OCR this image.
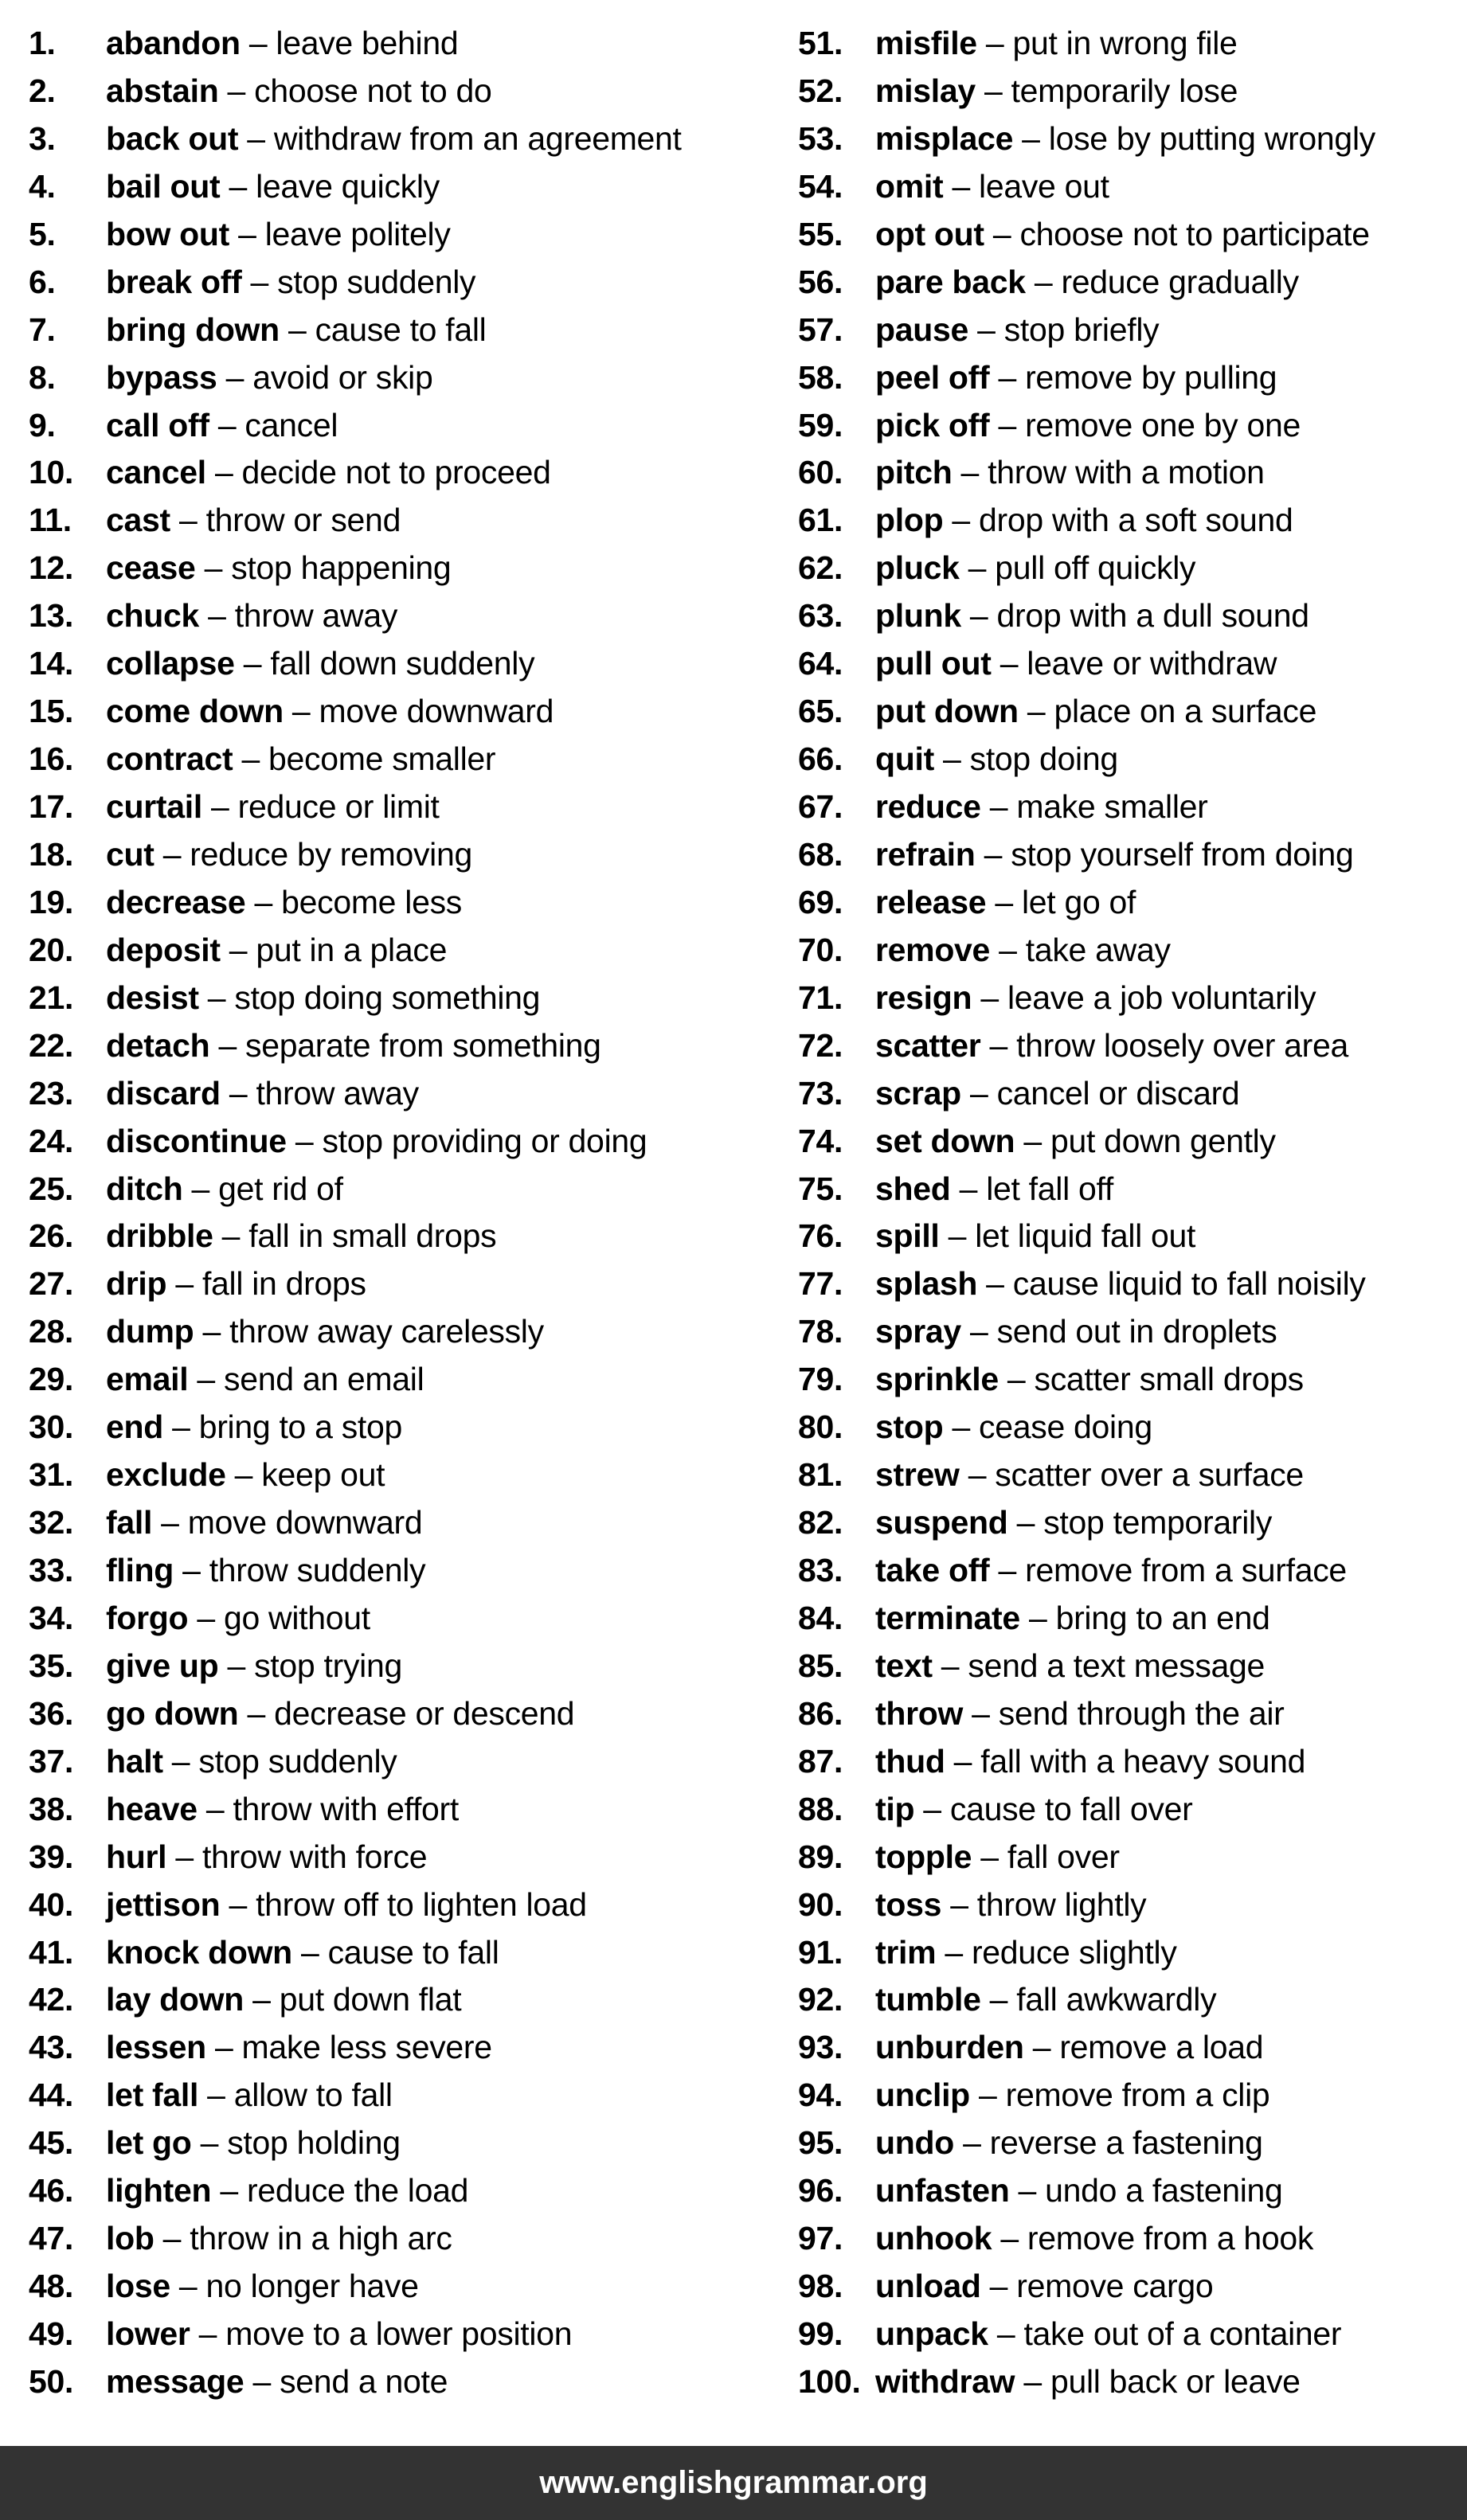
1. abandon – leave behind
2. abstain – choose not to do
3. back out – withdraw from an agreement
4. bail out – leave quickly
5. bow out – leave politely
6. break off – stop suddenly
7. bring down – cause to fall
8. bypass – avoid or skip
9. call off – cancel
10. cancel – decide not to proceed
11. cast – throw or send
12. cease – stop happening
13. chuck – throw away
14. collapse – fall down suddenly
15. come down – move downward
16. contract – become smaller
17. curtail – reduce or limit
18. cut – reduce by removing
19. decrease – become less
20. deposit – put in a place
21. desist – stop doing something
22. detach – separate from something
23. discard – throw away
24. discontinue – stop providing or doing
25. ditch – get rid of
26. dribble – fall in small drops
27. drip – fall in drops
28. dump – throw away carelessly
29. email – send an email
30. end – bring to a stop
31. exclude – keep out
32. fall – move downward
33. fling – throw suddenly
34. forgo – go without
35. give up – stop trying
36. go down – decrease or descend
37. halt – stop suddenly
38. heave – throw with effort
39. hurl – throw with force
40. jettison – throw off to lighten load
41. knock down – cause to fall
42. lay down – put down flat
43. lessen – make less severe
44. let fall – allow to fall
45. let go – stop holding
46. lighten – reduce the load
47. lob – throw in a high arc
48. lose – no longer have
49. lower – move to a lower position
50. message – send a note
51. misfile – put in wrong file
52. mislay – temporarily lose
53. misplace – lose by putting wrongly
54. omit – leave out
55. opt out – choose not to participate
56. pare back – reduce gradually
57. pause – stop briefly
58. peel off – remove by pulling
59. pick off – remove one by one
60. pitch – throw with a motion
61. plop – drop with a soft sound
62. pluck – pull off quickly
63. plunk – drop with a dull sound
64. pull out – leave or withdraw
65. put down – place on a surface
66. quit – stop doing
67. reduce – make smaller
68. refrain – stop yourself from doing
69. release – let go of
70. remove – take away
71. resign – leave a job voluntarily
72. scatter – throw loosely over area
73. scrap – cancel or discard
74. set down – put down gently
75. shed – let fall off
76. spill – let liquid fall out
77. splash – cause liquid to fall noisily
78. spray – send out in droplets
79. sprinkle – scatter small drops
80. stop – cease doing
81. strew – scatter over a surface
82. suspend – stop temporarily
83. take off – remove from a surface
84. terminate – bring to an end
85. text – send a text message
86. throw – send through the air
87. thud – fall with a heavy sound
88. tip – cause to fall over
89. topple – fall over
90. toss – throw lightly
91. trim – reduce slightly
92. tumble – fall awkwardly
93. unburden – remove a load
94. unclip – remove from a clip
95. undo – reverse a fastening
96. unfasten – undo a fastening
97. unhook – remove from a hook
98. unload – remove cargo
99. unpack – take out of a container
100. withdraw – pull back or leave
www.englishgrammar.org
